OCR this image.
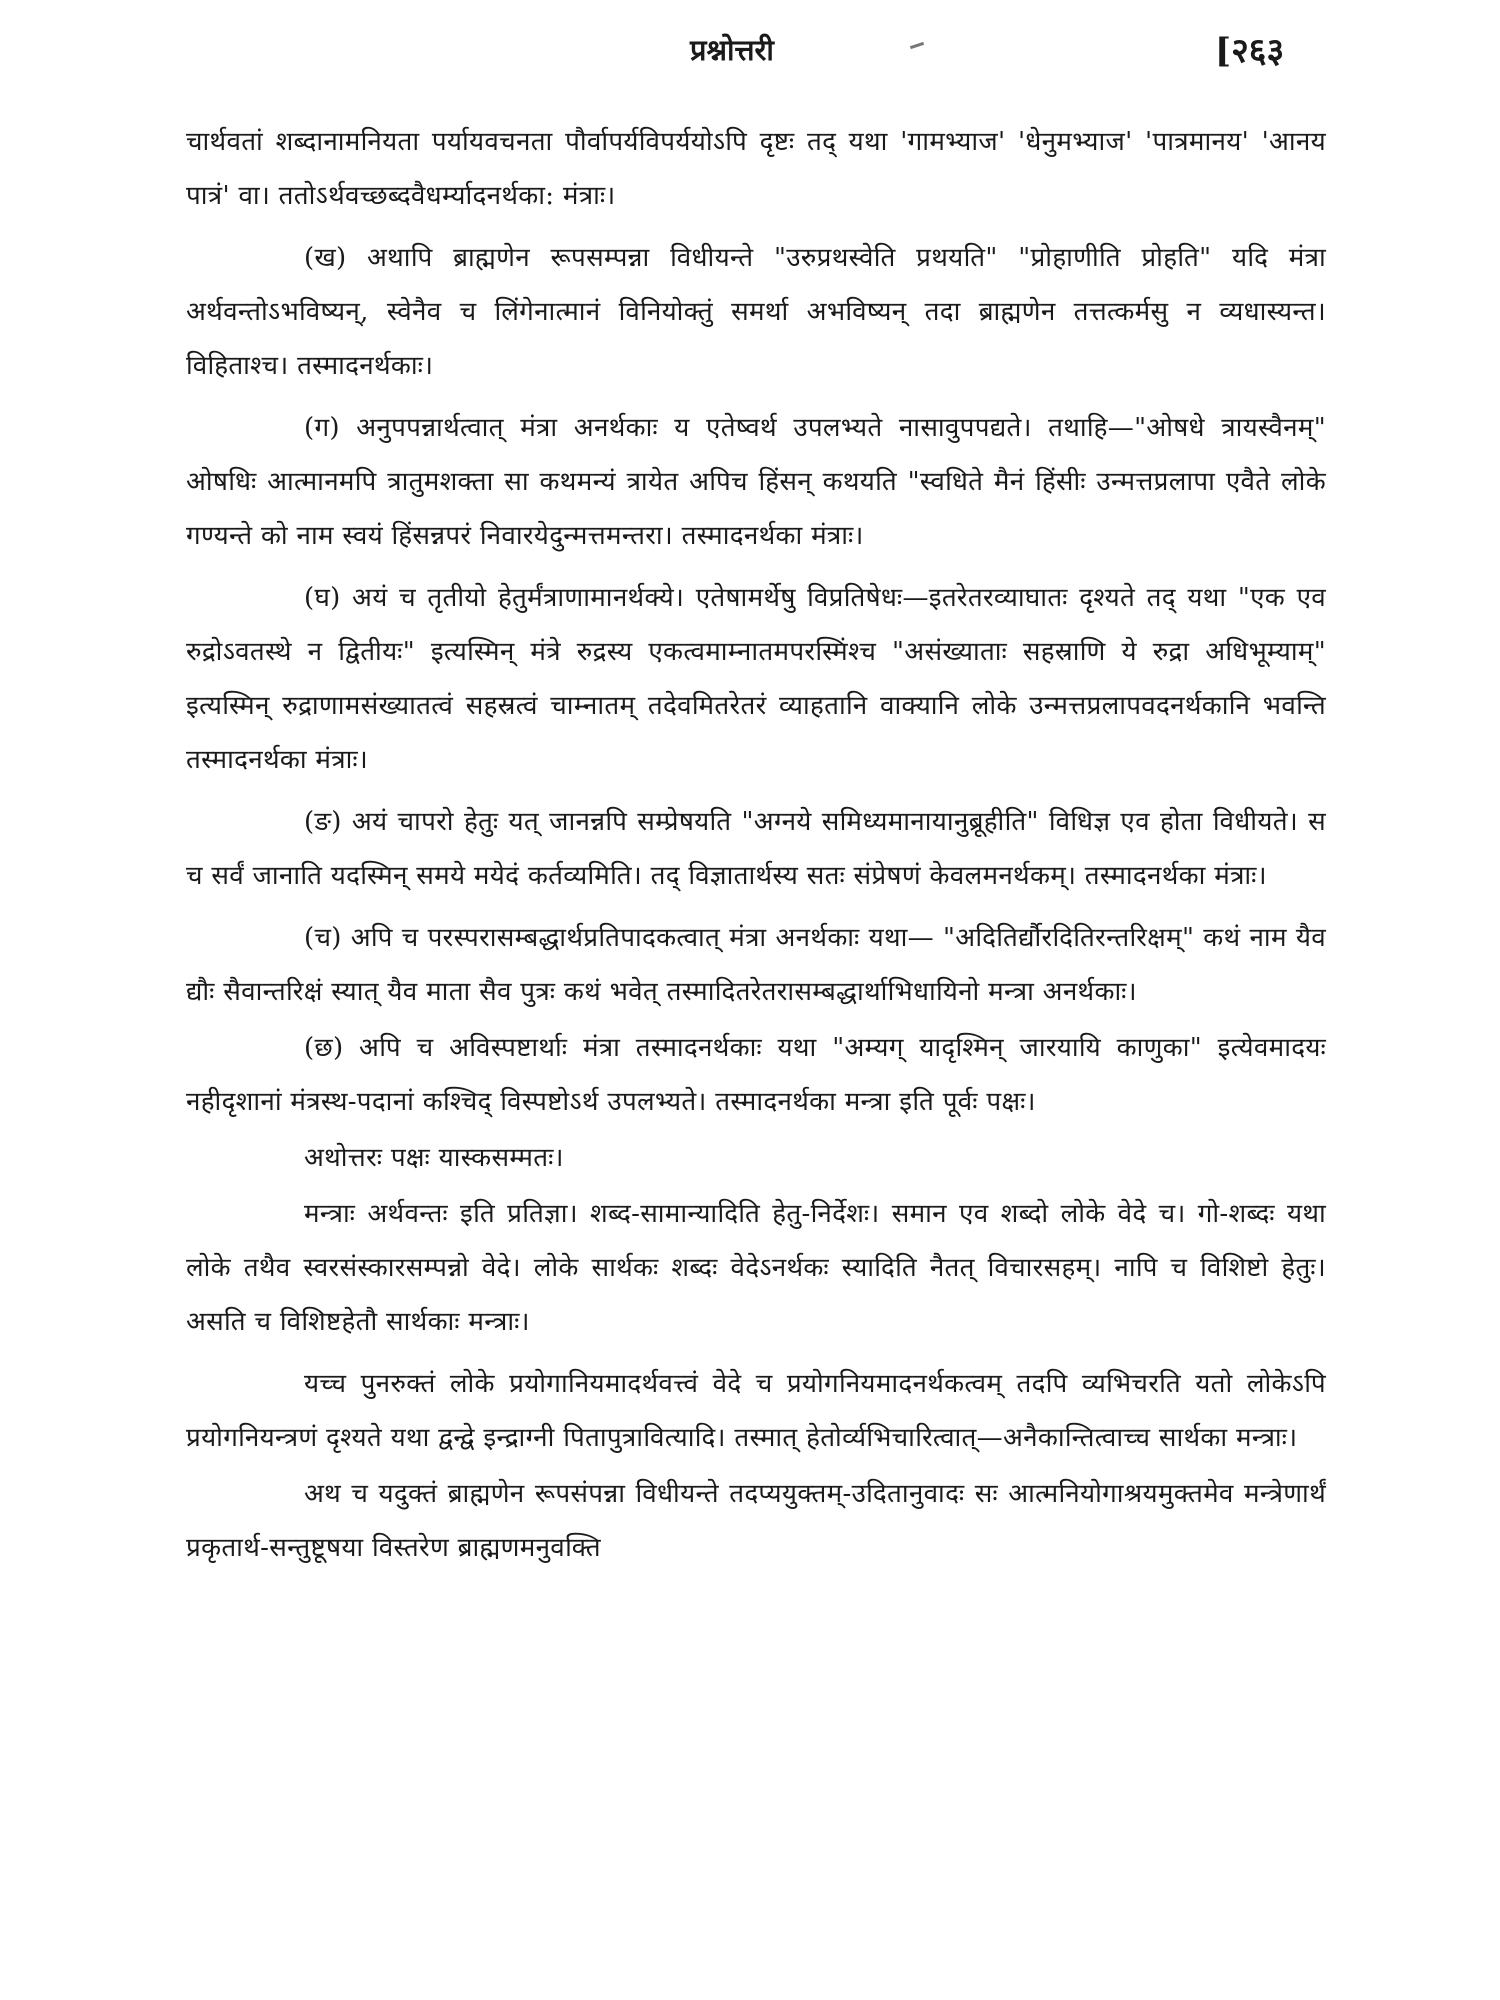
प्रश्नोत्तरी	[२६३

चार्थवतां शब्दानामनियता पर्यायवचनता पौर्वापर्यविपर्ययोऽपि दृष्टः तद् यथा 'गामभ्याज' 'धेनुमभ्याज' 'पात्रमानय' 'आनय पात्रं' वा। ततोऽर्थवच्छब्दवैधर्म्यादनर्थका: मंत्राः।

(ख) अथापि ब्राह्मणेन रूपसम्पन्ना विधीयन्ते "उरुप्रथस्वेति प्रथयति" "प्रोहाणीति प्रोहति" यदि मंत्रा अर्थवन्तोऽभविष्यन्, स्वेनैव च लिंगेनात्मानं विनियोक्तुं समर्था अभविष्यन् तदा ब्राह्मणेन तत्तत्कर्मसु न व्यधास्यन्त। विहिताश्च। तस्मादनर्थकाः।

(ग) अनुपपन्नार्थत्वात् मंत्रा अनर्थकाः य एतेष्वर्थ उपलभ्यते नासावुपपद्यते। तथाहि—"ओषधे त्रायस्वैनम्" ओषधिः आत्मानमपि त्रातुमशक्ता सा कथमन्यं त्रायेत अपिच हिंसन् कथयति "स्वधिते मैनं हिंसीः उन्मत्तप्रलापा एवैते लोके गण्यन्ते को नाम स्वयं हिंसन्नपरं निवारयेदुन्मत्तमन्तरा। तस्मादनर्थका मंत्राः।

(घ) अयं च तृतीयो हेतुर्मंत्राणामानर्थक्ये। एतेषामर्थेषु विप्रतिषेधः—इतरेतरव्याघातः दृश्यते तद् यथा "एक एव रुद्रोऽवतस्थे न द्वितीयः" इत्यस्मिन् मंत्रे रुद्रस्य एकत्वमाम्नातमपरस्मिंश्च "असंख्याताः सहस्राणि ये रुद्रा अधिभूम्याम्" इत्यस्मिन् रुद्राणामसंख्यातत्वं सहस्रत्वं चाम्नातम् तदेवमितरेतरं व्याहतानि वाक्यानि लोके उन्मत्तप्रलापवदनर्थकानि भवन्ति तस्मादनर्थका मंत्राः।

(ङ) अयं चापरो हेतुः यत् जानन्नपि सम्प्रेषयति "अग्नये समिध्यमानायानुब्रूहीति" विधिज्ञ एव होता विधीयते। स च सर्वं जानाति यदस्मिन् समये मयेदं कर्तव्यमिति। तद् विज्ञातार्थस्य सतः संप्रेषणं केवलमनर्थकम्। तस्मादनर्थका मंत्राः।

(च) अपि च परस्परासम्बद्धार्थप्रतिपादकत्वात् मंत्रा अनर्थकाः यथा— "अदितिर्द्यौरदितिरन्तरिक्षम्" कथं नाम यैव द्यौः सैवान्तरिक्षं स्यात् यैव माता सैव पुत्रः कथं भवेत् तस्मादितरेतरासम्बद्धार्थाभिधायिनो मन्त्रा अनर्थकाः।

(छ) अपि च अविस्पष्टार्थाः मंत्रा तस्मादनर्थकाः यथा "अम्यग् यादृश्मिन् जारयायि काणुका" इत्येवमादयः नहीदृशानां मंत्रस्थ-पदानां कश्चिद् विस्पष्टोऽर्थ उपलभ्यते। तस्मादनर्थका मन्त्रा इति पूर्वः पक्षः।

अथोत्तरः पक्षः यास्कसम्मतः।

मन्त्राः अर्थवन्तः इति प्रतिज्ञा। शब्द-सामान्यादिति हेतु-निर्देशः। समान एव शब्दो लोके वेदे च। गो-शब्दः यथा लोके तथैव स्वरसंस्कारसम्पन्नो वेदे। लोके सार्थकः शब्दः वेदेऽनर्थकः स्यादिति नैतत् विचारसहम्। नापि च विशिष्टो हेतुः। असति च विशिष्टहेतौ सार्थकाः मन्त्राः।

यच्च पुनरुक्तं लोके प्रयोगानियमादर्थवत्त्वं वेदे च प्रयोगनियमादनर्थकत्वम् तदपि व्यभिचरति यतो लोकेऽपि प्रयोगनियन्त्रणं दृश्यते यथा द्वन्द्वे इन्द्राग्नी पितापुत्रावित्यादि। तस्मात् हेतोर्व्यभिचारित्वात्—अनैकान्तित्वाच्च सार्थका मन्त्राः।

अथ च यदुक्तं ब्राह्मणेन रूपसंपन्ना विधीयन्ते तदप्ययुक्तम्-उदितानुवादः सः आत्मनियोगाश्रयमुक्तमेव मन्त्रेणार्थं प्रकृतार्थ-सन्तुष्टूषया विस्तरेण ब्राह्मणमनुवक्ति
